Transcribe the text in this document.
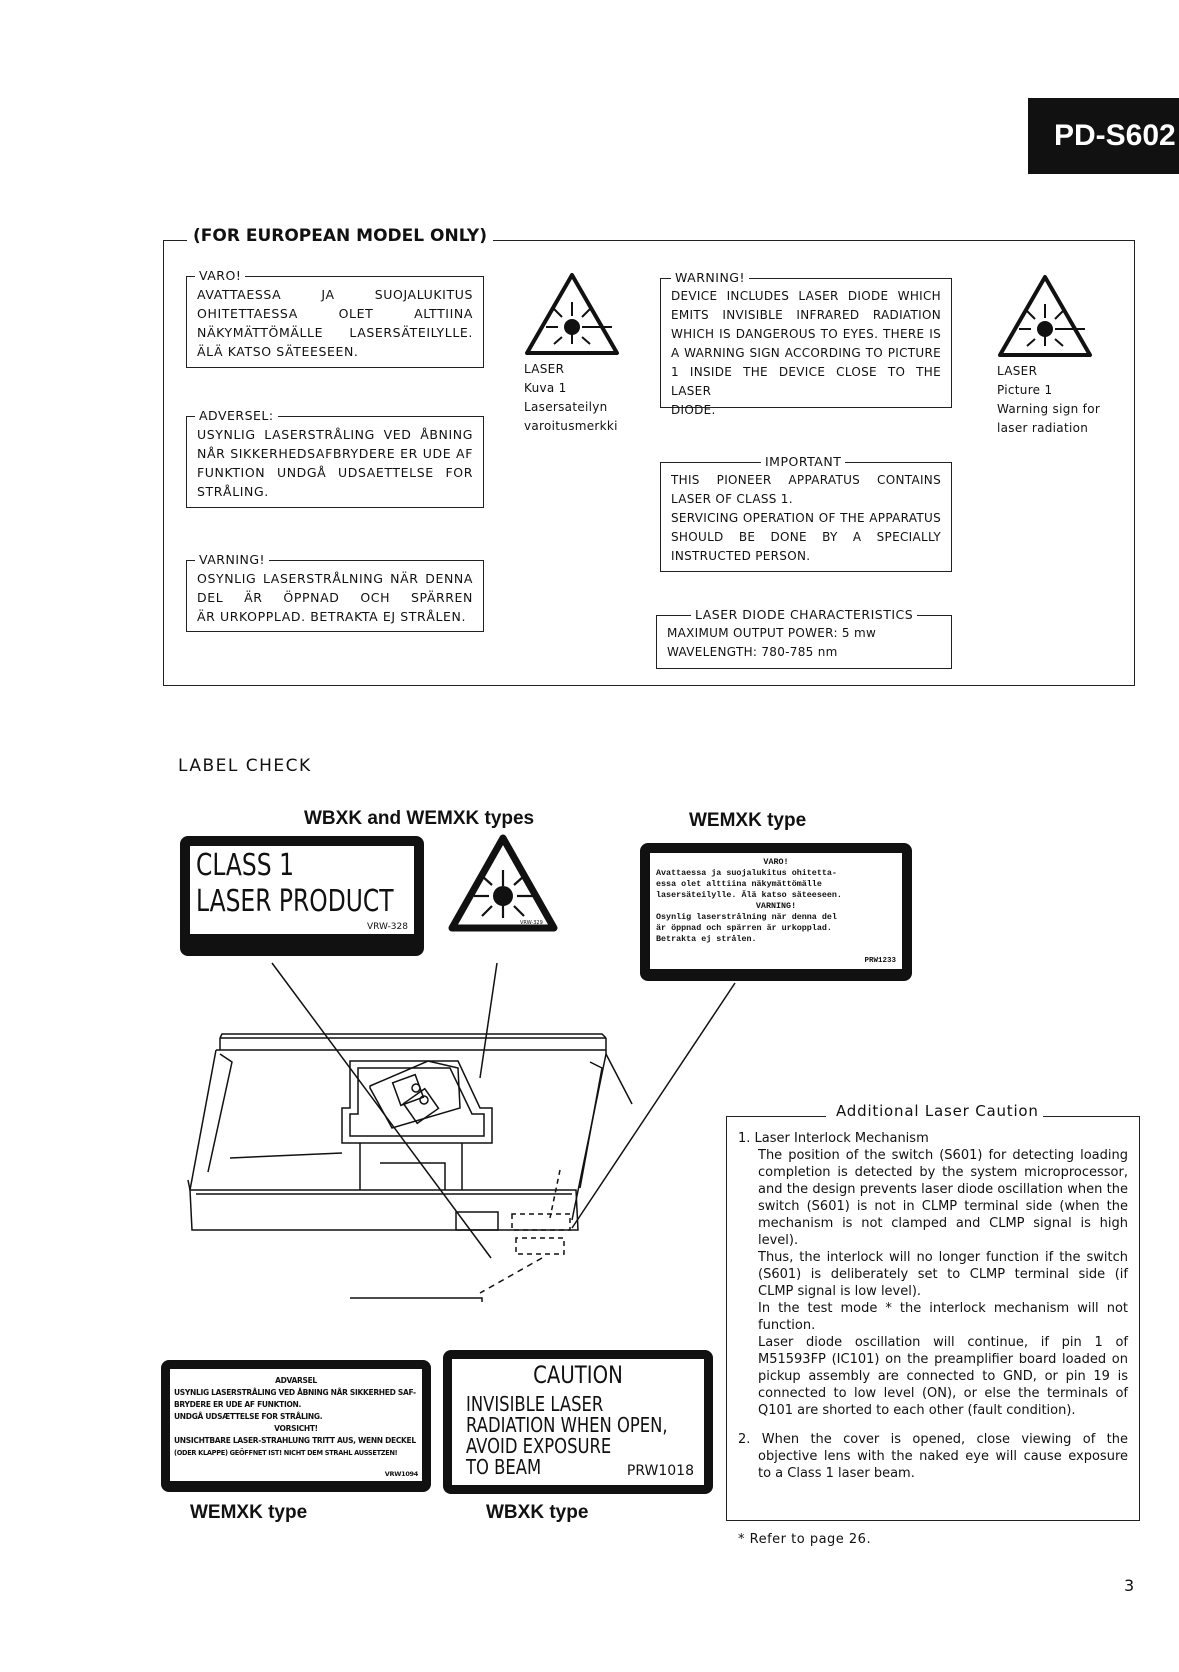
PD-S602
(FOR EUROPEAN MODEL ONLY)
VARO!
AVATTAESSA JA SUOJALUKITUS
OHITETTAESSA OLET ALTTIINA
NÄKYMÄTTÖMÄLLE LASERSÄTEILYLLE.
ÄLÄ KATSO SÄTEESEEN.
ADVERSEL:
USYNLIG LASERSTRÅLING VED ÅBNING
NÅR SIKKERHEDSAFBRYDERE ER UDE AF
FUNKTION UNDGÅ UDSAETTELSE FOR
STRÅLING.
VARNING!
OSYNLIG LASERSTRÅLNING NÄR DENNA
DEL ÄR ÖPPNAD OCH SPÄRREN
ÄR URKOPPLAD. BETRAKTA EJ STRÅLEN.
LASER
Kuva 1
Lasersateilyn
varoitusmerkki
WARNING!
DEVICE INCLUDES LASER DIODE WHICH
EMITS INVISIBLE INFRARED RADIATION
WHICH IS DANGEROUS TO EYES. THERE IS
A WARNING SIGN ACCORDING TO PICTURE
1 INSIDE THE DEVICE CLOSE TO THE LASER
DIODE.
IMPORTANT
THIS PIONEER APPARATUS CONTAINS
LASER OF CLASS 1.
SERVICING OPERATION OF THE APPARATUS
SHOULD BE DONE BY A SPECIALLY
INSTRUCTED PERSON.
LASER DIODE CHARACTERISTICS
MAXIMUM OUTPUT POWER: 5 mw
WAVELENGTH: 780-785 nm
LASER
Picture 1
Warning sign for
laser radiation
LABEL CHECK
WBXK and WEMXK types	WEMXK type
CLASS 1
LASER PRODUCT
VRW-328	VRW-329
VARO!
Avattaessa ja suojalukitus ohitetta-
essa olet alttiina näkymättömälle
lasersäteilylle. Älä katso säteeseen.
VARNING!
Osynlig laserstrålning när denna del
är öppnad och spärren är urkopplad.
Betrakta ej strålen.
PRW1233
ADVARSEL
USYNLIG LASERSTRÅLING VED ÅBNING NÅR SIKKERHED SAF-
BRYDERE ER UDE AF FUNKTION.
UNDGÅ UDSÆTTELSE FOR STRÅLING.
VORSICHT!
UNSICHTBARE LASER-STRAHLUNG TRITT AUS, WENN DECKEL
(ODER KLAPPE) GEÖFFNET IST! NICHT DEM STRAHL AUSSETZEN!
VRW1094
CAUTION
INVISIBLE LASER
RADIATION WHEN OPEN,
AVOID EXPOSURE
TO BEAM	PRW1018
WEMXK type	WBXK type
Additional Laser Caution

1. Laser Interlock Mechanism

The position of the switch (S601) for detecting loading
completion is detected by the system microprocessor,
and the design prevents laser diode oscillation when the
switch (S601) is not in CLMP terminal side (when the
mechanism is not clamped and CLMP signal is high level).
Thus, the interlock will no longer function if the switch
(S601) is deliberately set to CLMP terminal side (if
CLMP signal is low level).
In the test mode * the interlock mechanism will not
function.
Laser diode oscillation will continue, if pin 1 of
M51593FP (IC101) on the preamplifier board loaded on
pickup assembly are connected to GND, or pin 19 is
connected to low level (ON), or else the terminals of
Q101 are shorted to each other (fault condition).
2. When the cover is opened, close viewing of the
objective lens with the naked eye will cause exposure
to a Class 1 laser beam.
* Refer to page 26.
3
